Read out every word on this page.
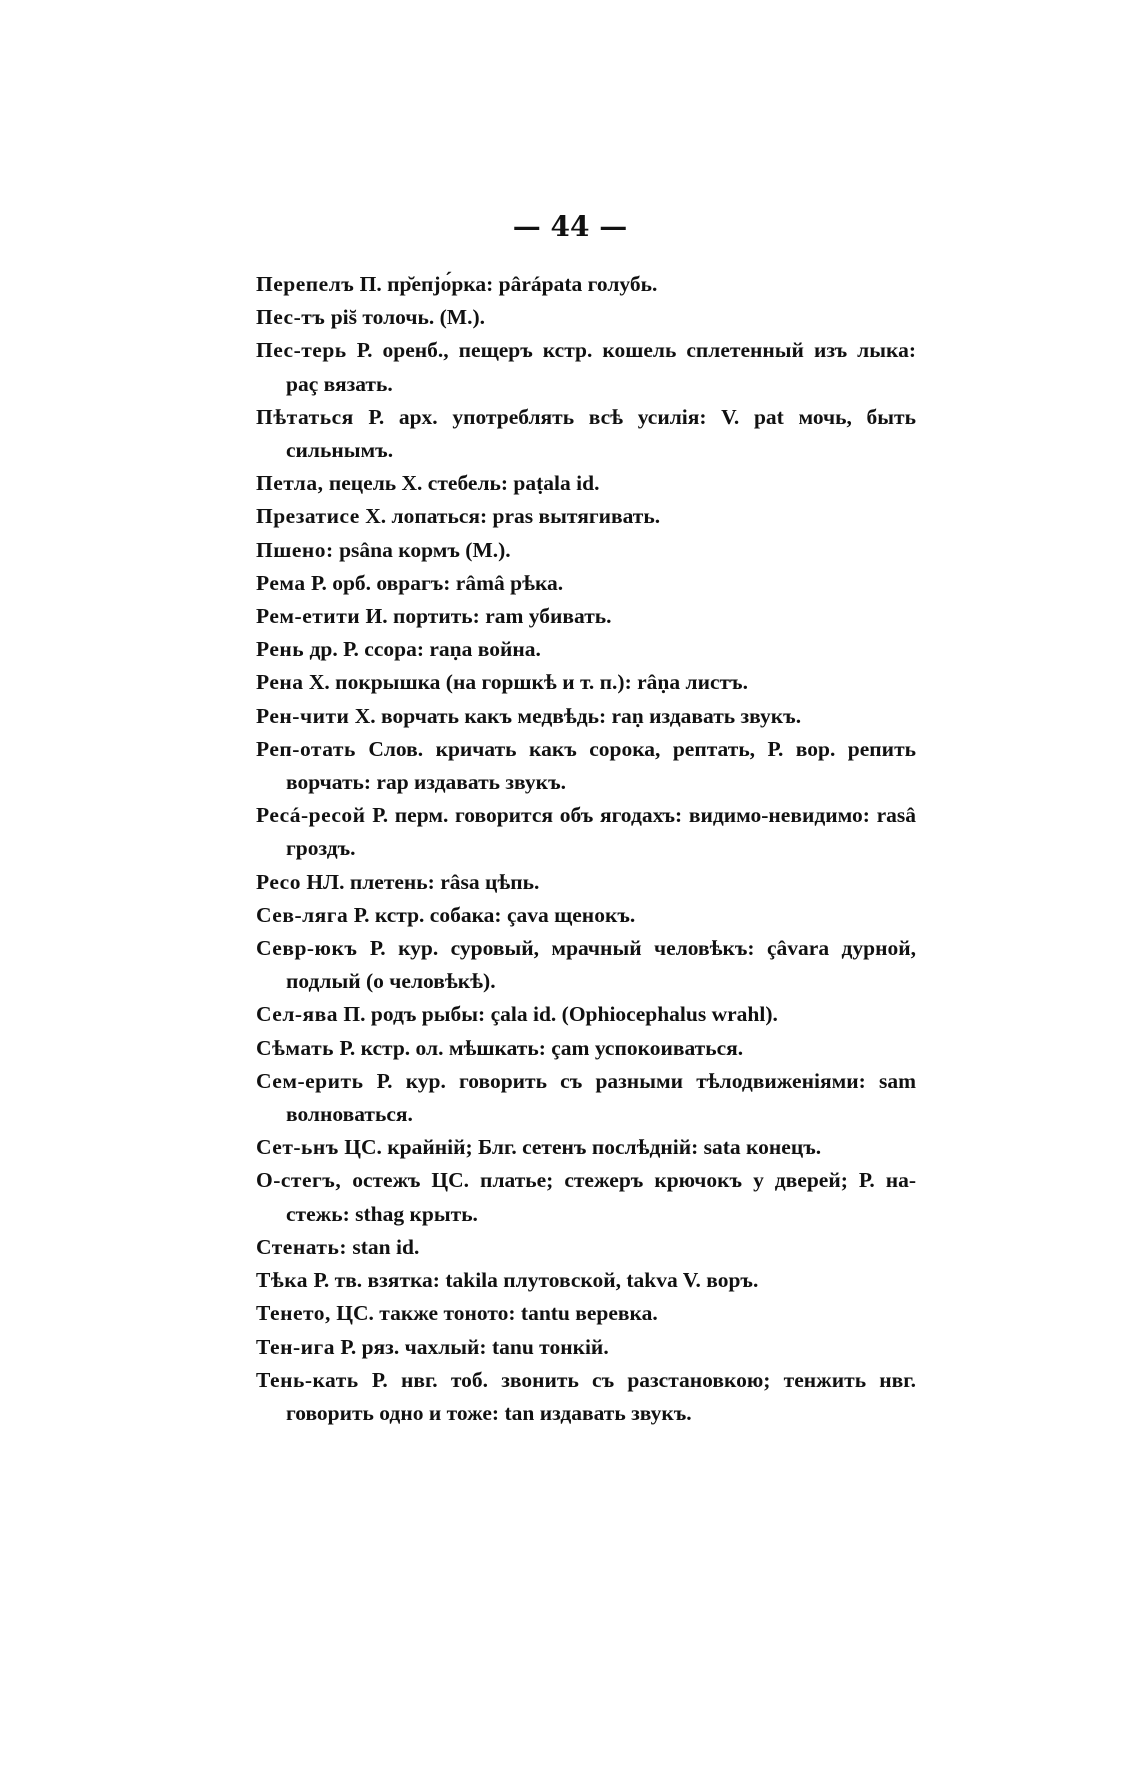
— 44 —

Перепелъ П. пр̆епjо́рка: pâráрata голубь.

Пес-тъ pis̆ толочь. (М.).

Пес-терь Р. оренб., пещеръ кстр. кошель сплетенный изъ лыка: paç вязать.

Пѣтаться Р. арх. употреблять всѣ усилія: V. pat мочь, быть сильнымъ.

Петла, пецель Х. стебель: paṭala id.

Презатисе Х. лопаться: pras вытягивать.

Пшено: psâna кормъ (М.).

Рема Р. орб. оврагъ: râmâ рѣка.

Рем-етити И. портить: ram убивать.

Рень др. Р. ссора: raṇa война.

Рена Х. покрышка (на горшкѣ и т. п.): râṇa листъ.

Рен-чити Х. ворчать какъ медвѣдь: raṇ издавать звукъ.

Реп-отать Слов. кричать какъ сорока, рептать, Р. вор. репить ворчать: rap издавать звукъ.

Ресá-ресой Р. перм. говорится объ ягодахъ: видимо-невидимо: rasâ гроздъ.

Ресо НЛ. плетень: râsa цѣпь.

Сев-ляга Р. кстр. собака: çava щенокъ.

Севр-юкъ Р. кур. суровый, мрачный человѣкъ: çâvara дурной, подлый (о человѣкѣ).

Сел-ява П. родъ рыбы: çala id. (Ophiocephalus wrahl).

Сѣмать Р. кстр. ол. мѣшкать: çam успокоиваться.

Сем-ерить Р. кур. говорить съ разными тѣлодвиженіями: sam волноваться.

Сет-ьнъ ЦС. крайній; Блг. сетенъ послѣдній: sata конецъ.

О-стегъ, остежъ ЦС. платье; стежеръ крючокъ у дверей; Р. на-стежь: sthag крыть.

Стенать: stan id.

Тѣка Р. тв. взятка: takila плутовской, takva V. воръ.

Тенето, ЦС. также тоното: tantu веревка.

Тен-ига Р. ряз. чахлый: tanu тонкій.

Тень-кать Р. нвг. тоб. звонить съ разстановкою; тенжить нвг. говорить одно и тоже: tan издавать звукъ.
